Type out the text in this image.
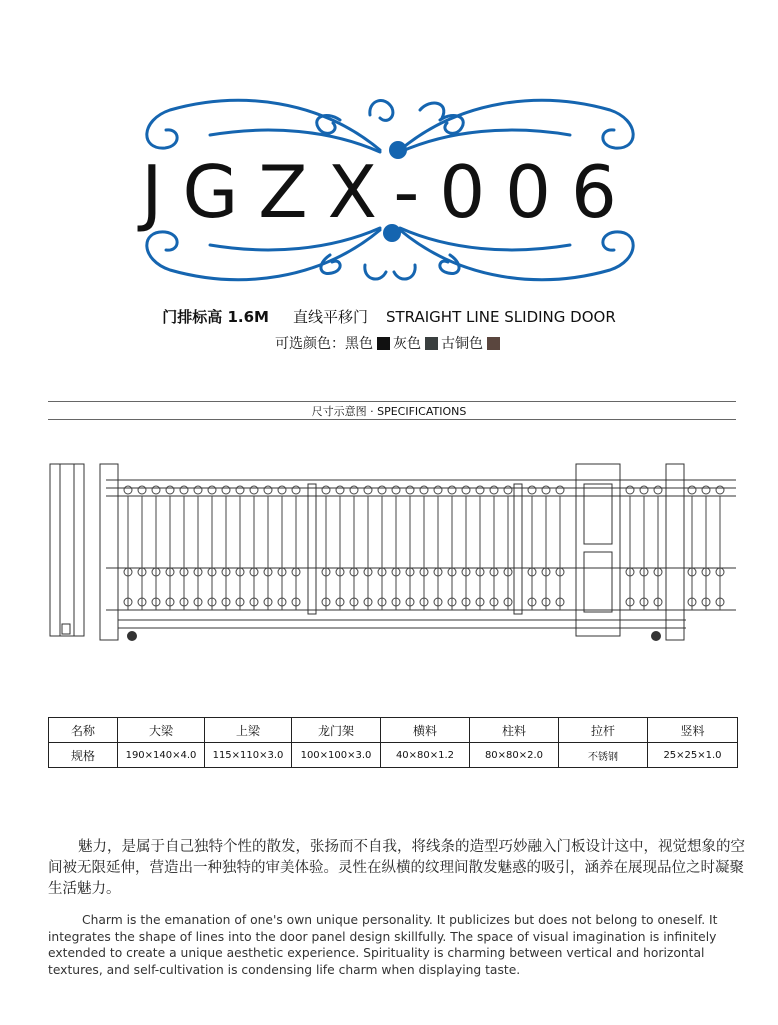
JGZX-006
门排标高 1.6M 直线平移门 STRAIGHT LINE SLIDING DOOR
可选颜色：黑色 灰色 古铜色
尺寸示意图 · SPECIFICATIONS
名称	大梁	上梁	龙门架	横料	柱料	拉杆	竖料
规格	190×140×4.0	115×110×3.0	100×100×3.0	40×80×1.2	80×80×2.0	不锈钢	25×25×1.0
魅力，是属于自己独特个性的散发，张扬而不自我，将线条的造型巧妙融入门板设计这中，视觉想象的空间被无限延伸，营造出一种独特的审美体验。灵性在纵横的纹理间散发魅惑的吸引，涵养在展现品位之时凝聚生活魅力。
Charm is the emanation of one's own unique personality. It publicizes but does not belong to oneself. It integrates the shape of lines into the door panel design skillfully. The space of visual imagination is infinitely extended to create a unique aesthetic experience. Spirituality is charming between vertical and horizontal textures, and self-cultivation is condensing life charm when displaying taste.
